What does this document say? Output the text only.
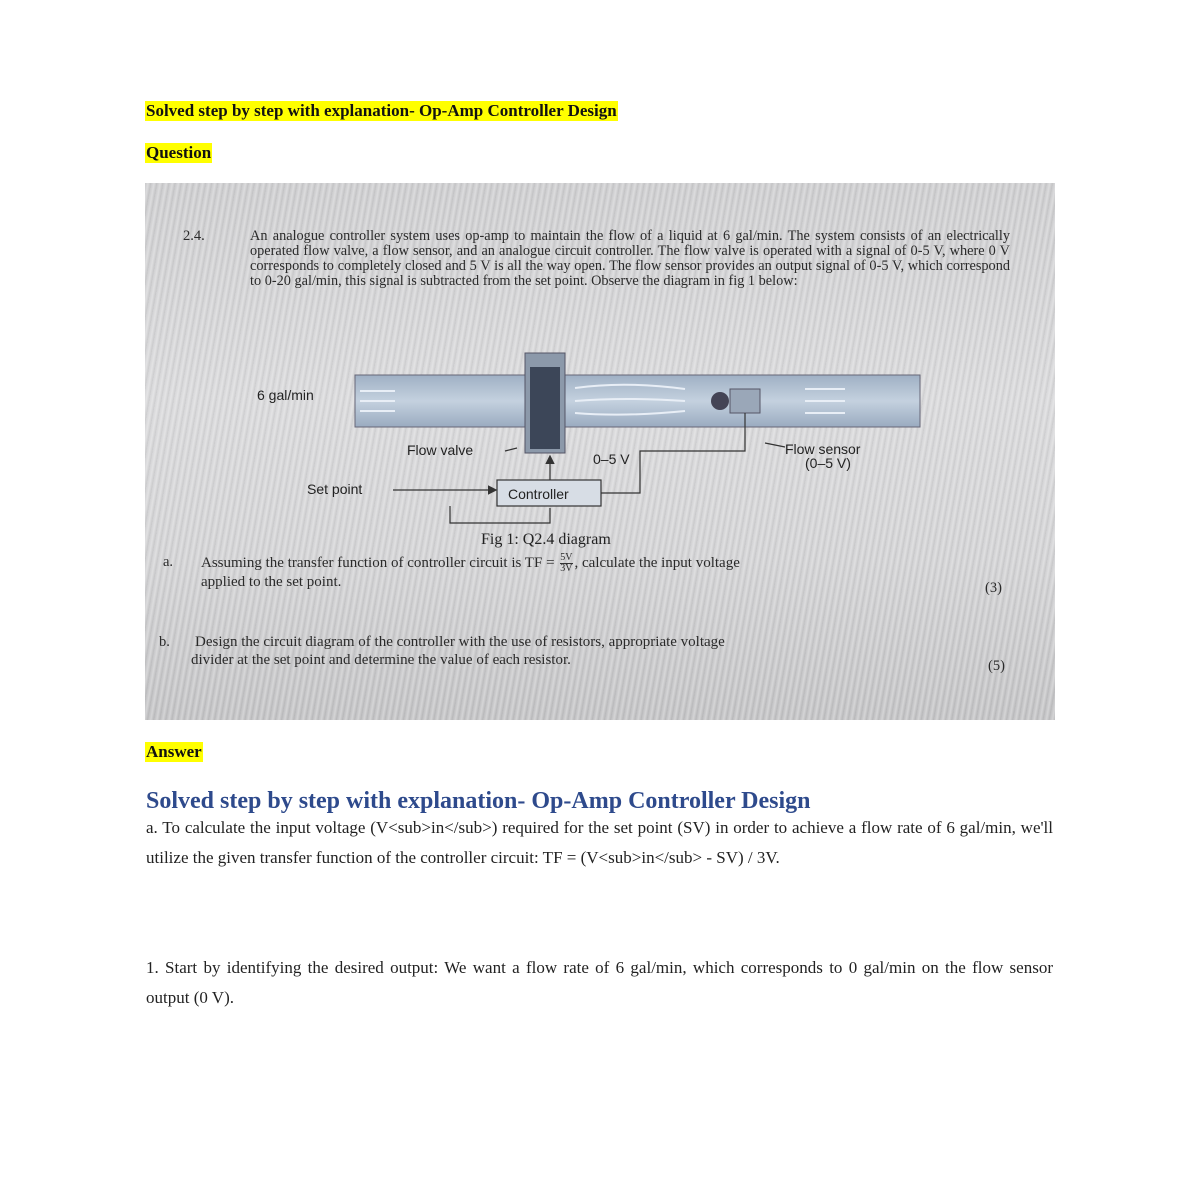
Solved step by step with explanation- Op-Amp Controller Design
Question
2.4.	An analogue controller system uses op-amp to maintain the flow of a liquid at 6 gal/min. The system consists of an electrically operated flow valve, a flow sensor, and an analogue circuit controller. The flow valve is operated with a signal of 0-5 V, where 0 V corresponds to completely closed and 5 V is all the way open. The flow sensor provides an output signal of 0-5 V, which correspond to 0-20 gal/min, this signal is subtracted from the set point. Observe the diagram in fig 1 below:
6 gal/min
Flow valve
0–5 V
Flow sensor
(0–5 V)
Set point	Controller
Fig 1: Q2.4 diagram
a. Assuming the transfer function of controller circuit is TF = $\frac{5V}{3V}$ , calculate the input voltage
applied to the set point.	(3)
b. Design the circuit diagram of the controller with the use of resistors, appropriate voltage
divider at the set point and determine the value of each resistor.	(5)
Answer
Solved step by step with explanation- Op-Amp Controller Design
a. To calculate the input voltage (V<sub>in</sub>) required for the set point (SV) in order to achieve a flow rate of 6 gal/min, we'll utilize the given transfer function of the controller circuit: TF = (V<sub>in</sub> - SV) / 3V.
1. Start by identifying the desired output: We want a flow rate of 6 gal/min, which corresponds to 0 gal/min on the flow sensor output (0 V).
